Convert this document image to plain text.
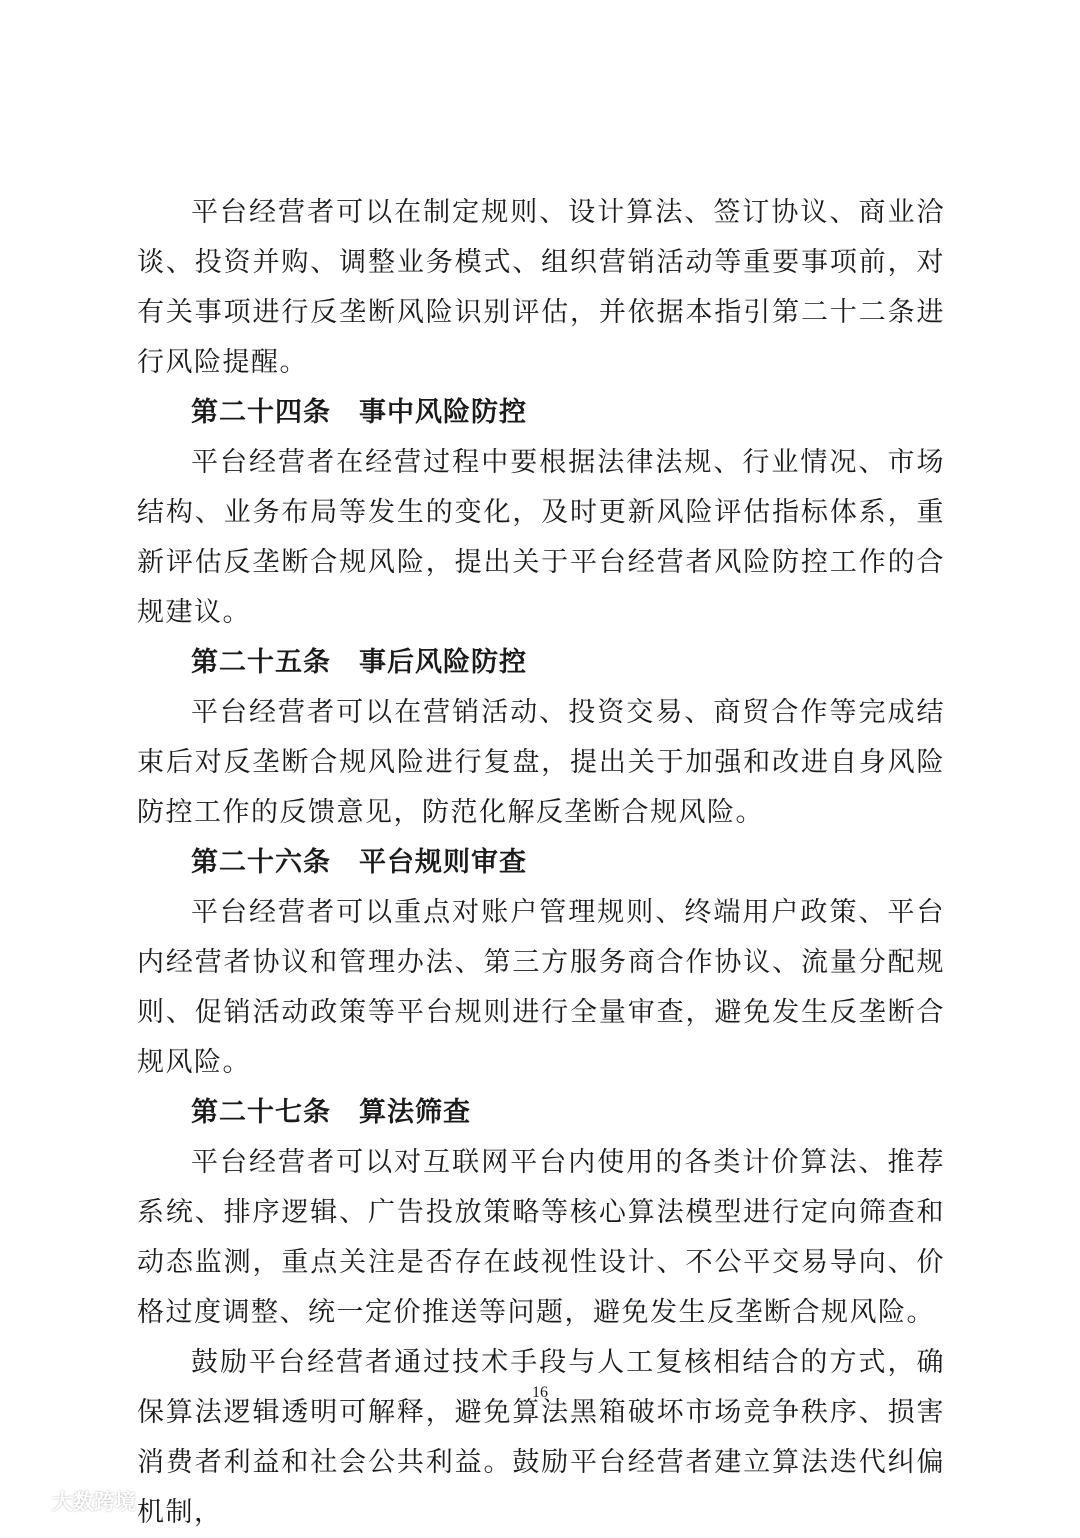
平台经营者可以在制定规则、设计算法、签订协议、商业洽谈、投资并购、调整业务模式、组织营销活动等重要事项前，对有关事项进行反垄断风险识别评估，并依据本指引第二十二条进行风险提醒。

第二十四条　事中风险防控

平台经营者在经营过程中要根据法律法规、行业情况、市场结构、业务布局等发生的变化，及时更新风险评估指标体系，重新评估反垄断合规风险，提出关于平台经营者风险防控工作的合规建议。

第二十五条　事后风险防控

平台经营者可以在营销活动、投资交易、商贸合作等完成结束后对反垄断合规风险进行复盘，提出关于加强和改进自身风险防控工作的反馈意见，防范化解反垄断合规风险。

第二十六条　平台规则审查

平台经营者可以重点对账户管理规则、终端用户政策、平台内经营者协议和管理办法、第三方服务商合作协议、流量分配规则、促销活动政策等平台规则进行全量审查，避免发生反垄断合规风险。

第二十七条　算法筛查

平台经营者可以对互联网平台内使用的各类计价算法、推荐系统、排序逻辑、广告投放策略等核心算法模型进行定向筛查和动态监测，重点关注是否存在歧视性设计、不公平交易导向、价格过度调整、统一定价推送等问题，避免发生反垄断合规风险。

鼓励平台经营者通过技术手段与人工复核相结合的方式，确保算法逻辑透明可解释，避免算法黑箱破坏市场竞争秩序、损害消费者利益和社会公共利益。鼓励平台经营者建立算法迭代纠偏机制，

16
大数跨境
